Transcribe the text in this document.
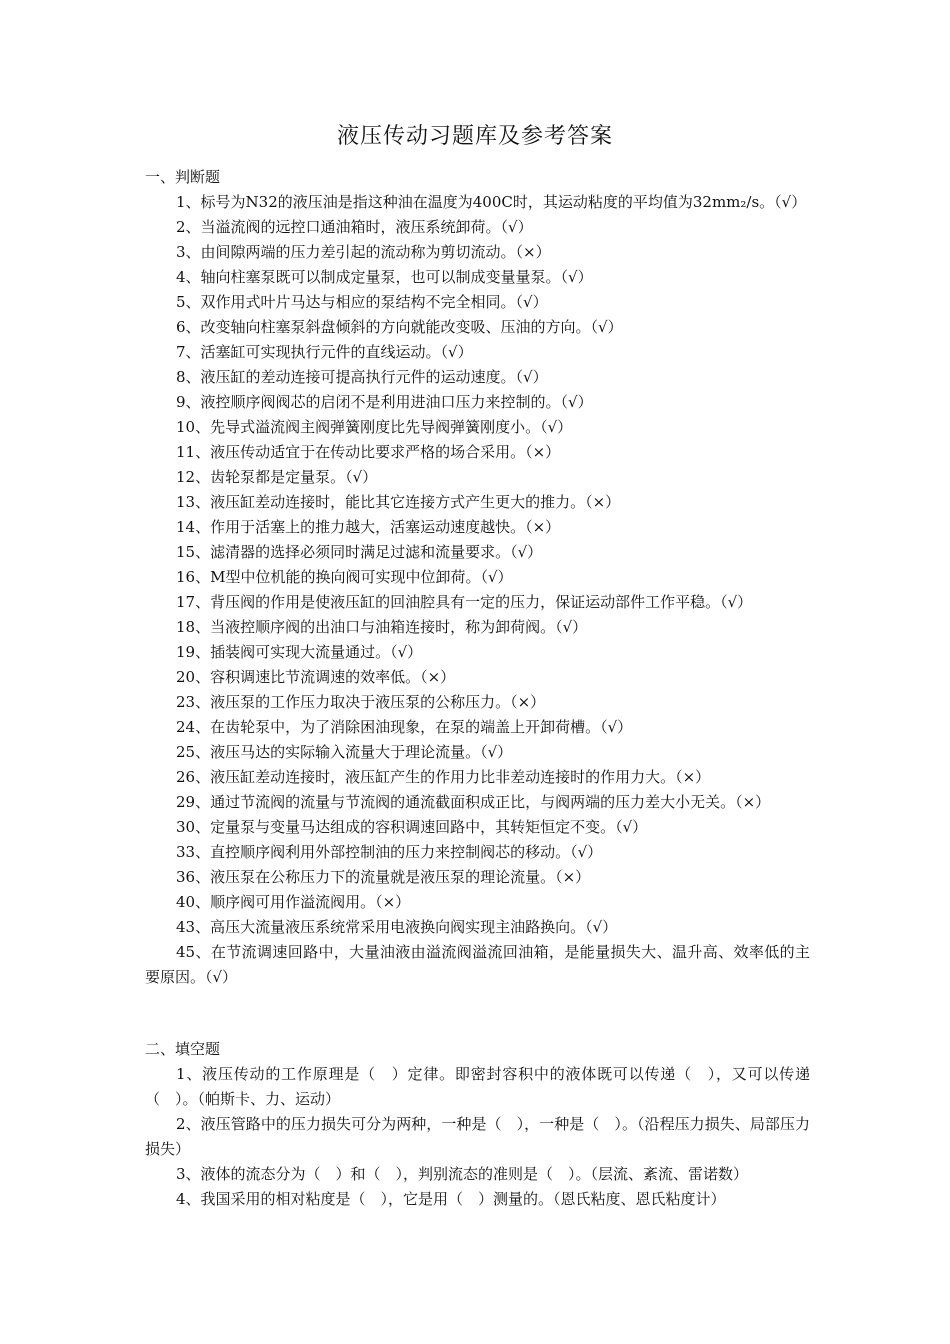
液压传动习题库及参考答案
一、判断题
1、标号为N32的液压油是指这种油在温度为400C时，其运动粘度的平均值为32mm₂/s。（√）
2、当溢流阀的远控口通油箱时，液压系统卸荷。（√）
3、由间隙两端的压力差引起的流动称为剪切流动。（×）
4、轴向柱塞泵既可以制成定量泵，也可以制成变量量泵。（√）
5、双作用式叶片马达与相应的泵结构不完全相同。（√）
6、改变轴向柱塞泵斜盘倾斜的方向就能改变吸、压油的方向。（√）
7、活塞缸可实现执行元件的直线运动。（√）
8、液压缸的差动连接可提高执行元件的运动速度。（√）
9、液控顺序阀阀芯的启闭不是利用进油口压力来控制的。（√）
10、先导式溢流阀主阀弹簧刚度比先导阀弹簧刚度小。（√）
11、液压传动适宜于在传动比要求严格的场合采用。（×）
12、齿轮泵都是定量泵。（√）
13、液压缸差动连接时，能比其它连接方式产生更大的推力。（×）
14、作用于活塞上的推力越大，活塞运动速度越快。（×）
15、滤清器的选择必须同时满足过滤和流量要求。（√）
16、M型中位机能的换向阀可实现中位卸荷。（√）
17、背压阀的作用是使液压缸的回油腔具有一定的压力，保证运动部件工作平稳。（√）
18、当液控顺序阀的出油口与油箱连接时，称为卸荷阀。（√）
19、插装阀可实现大流量通过。（√）
20、容积调速比节流调速的效率低。（×）
23、液压泵的工作压力取决于液压泵的公称压力。（×）
24、在齿轮泵中，为了消除困油现象，在泵的端盖上开卸荷槽。（√）
25、液压马达的实际输入流量大于理论流量。（√）
26、液压缸差动连接时，液压缸产生的作用力比非差动连接时的作用力大。（×）
29、通过节流阀的流量与节流阀的通流截面积成正比，与阀两端的压力差大小无关。（×）
30、定量泵与变量马达组成的容积调速回路中，其转矩恒定不变。（√）
33、直控顺序阀利用外部控制油的压力来控制阀芯的移动。（√）
36、液压泵在公称压力下的流量就是液压泵的理论流量。（×）
40、顺序阀可用作溢流阀用。（×）
43、高压大流量液压系统常采用电液换向阀实现主油路换向。（√）
45、在节流调速回路中，大量油液由溢流阀溢流回油箱，是能量损失大、温升高、效率低的主要原因。（√）
二、填空题
1、液压传动的工作原理是（　）定律。即密封容积中的液体既可以传递（　），又可以传递（　）。（帕斯卡、力、运动）
2、液压管路中的压力损失可分为两种，一种是（　），一种是（　）。（沿程压力损失、局部压力损失）
3、液体的流态分为（　）和（　），判别流态的准则是（　）。（层流、紊流、雷诺数）
4、我国采用的相对粘度是（　），它是用（　）测量的。（恩氏粘度、恩氏粘度计）
